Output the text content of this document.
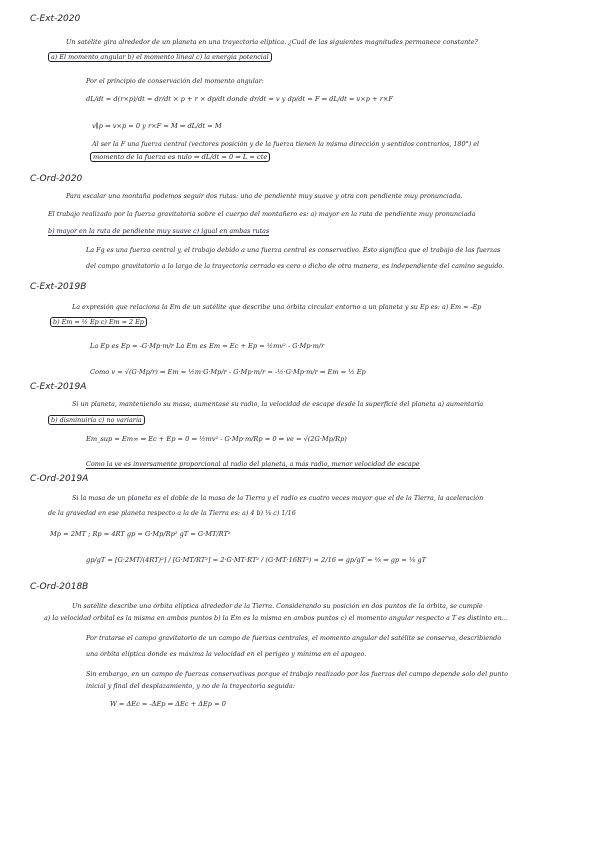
C-Ext-2020
Un satélite gira alrededor de un planeta en una trayectoria elíptica. ¿Cuál de las siguientes magnitudes permanece constante?
a) El momento angular b) el momento lineal c) la energía potencial
Por el principio de conservación del momento angular:
dL/dt = d(r×p)/dt = dr/dt × p + r × dp/dt donde dr/dt = v y dp/dt = F ⇒ dL/dt = v×p + r×F
v∥p ⇒ v×p = 0 y r×F = M ⇒ dL/dt = M
Al ser la F una fuerza central (vectores posición y de la fuerza tienen la misma dirección y sentidos contrarios, 180°) el
momento de la fuerza es nulo ⇒ dL/dt = 0 ⇒ L = cte
C-Ord-2020
Para escalar una montaña podemos seguir dos rutas: una de pendiente muy suave y otra con pendiente muy pronunciada.
El trabajo realizado por la fuerza gravitatoria sobre el cuerpo del montañero es: a) mayor en la ruta de pendiente muy pronunciada
b) mayor en la ruta de pendiente muy suave c) igual en ambas rutas
La Fg es una fuerza central y, el trabajo debido a una fuerza central es conservativo. Esto significa que el trabajo de las fuerzas
del campo gravitatorio a lo largo de la trayectoria cerrada es cero o dicho de otra manera, es independiente del camino seguido.
C-Ext-2019B
La expresión que relaciona la Em de un satélite que describe una órbita circular entorno a un planeta y su Ep es: a) Em = -Ep
b) Em = ½ Ep c) Em = 2 Ep
La Ep es Ep = -G·Mp·m/r La Em es Em = Ec + Ep = ½mv² - G·Mp·m/r
Como v = √(G·Mp/r) ⇒ Em = ½m·G·Mp/r - G·Mp·m/r = -½·G·Mp·m/r ⇒ Em = ½ Ep
C-Ext-2019A
Si un planeta, manteniendo su masa, aumentase su radio, la velocidad de escape desde la superficie del planeta a) aumentaría
b) disminuiría c) no variaría
Em_sup = Em∞ ⇒ Ec + Ep = 0 ⇒ ½mv² - G·Mp·m/Rp = 0 ⇒ ve = √(2G·Mp/Rp)
Como la ve es inversamente proporcional al radio del planeta, a más radio, menor velocidad de escape
C-Ord-2019A
Si la masa de un planeta es el doble de la masa de la Tierra y el radio es cuatro veces mayor que el de la Tierra, la aceleración
de la gravedad en ese planeta respecto a la de la Tierra es: a) 4 b) ⅛ c) 1/16
Mp = 2MT ; Rp = 4RT gp = G·Mp/Rp² gT = G·MT/RT²
gp/gT = [G·2MT/(4RT)²] / [G·MT/RT²] = 2·G·MT·RT² / (G·MT·16RT²) = 2/16 ⇒ gp/gT = ⅛ ⇒ gp = ⅛ gT
C-Ord-2018B
Un satélite describe una órbita elíptica alrededor de la Tierra. Considerando su posición en dos puntos de la órbita, se cumple
a) la velocidad orbital es la misma en ambos puntos b) la Em es la misma en ambos puntos c) el momento angular respecto a T es distinto en...
Por tratarse el campo gravitatorio de un campo de fuerzas centrales, el momento angular del satélite se conserva, describiendo
una órbita elíptica donde es máxima la velocidad en el perigeo y mínima en el apogeo.
Sin embargo, en un campo de fuerzas conservativas porque el trabajo realizado por las fuerzas del campo depende solo del punto
inicial y final del desplazamiento, y no de la trayectoria seguida:
W = ΔEc = -ΔEp ⇒ ΔEc + ΔEp = 0
